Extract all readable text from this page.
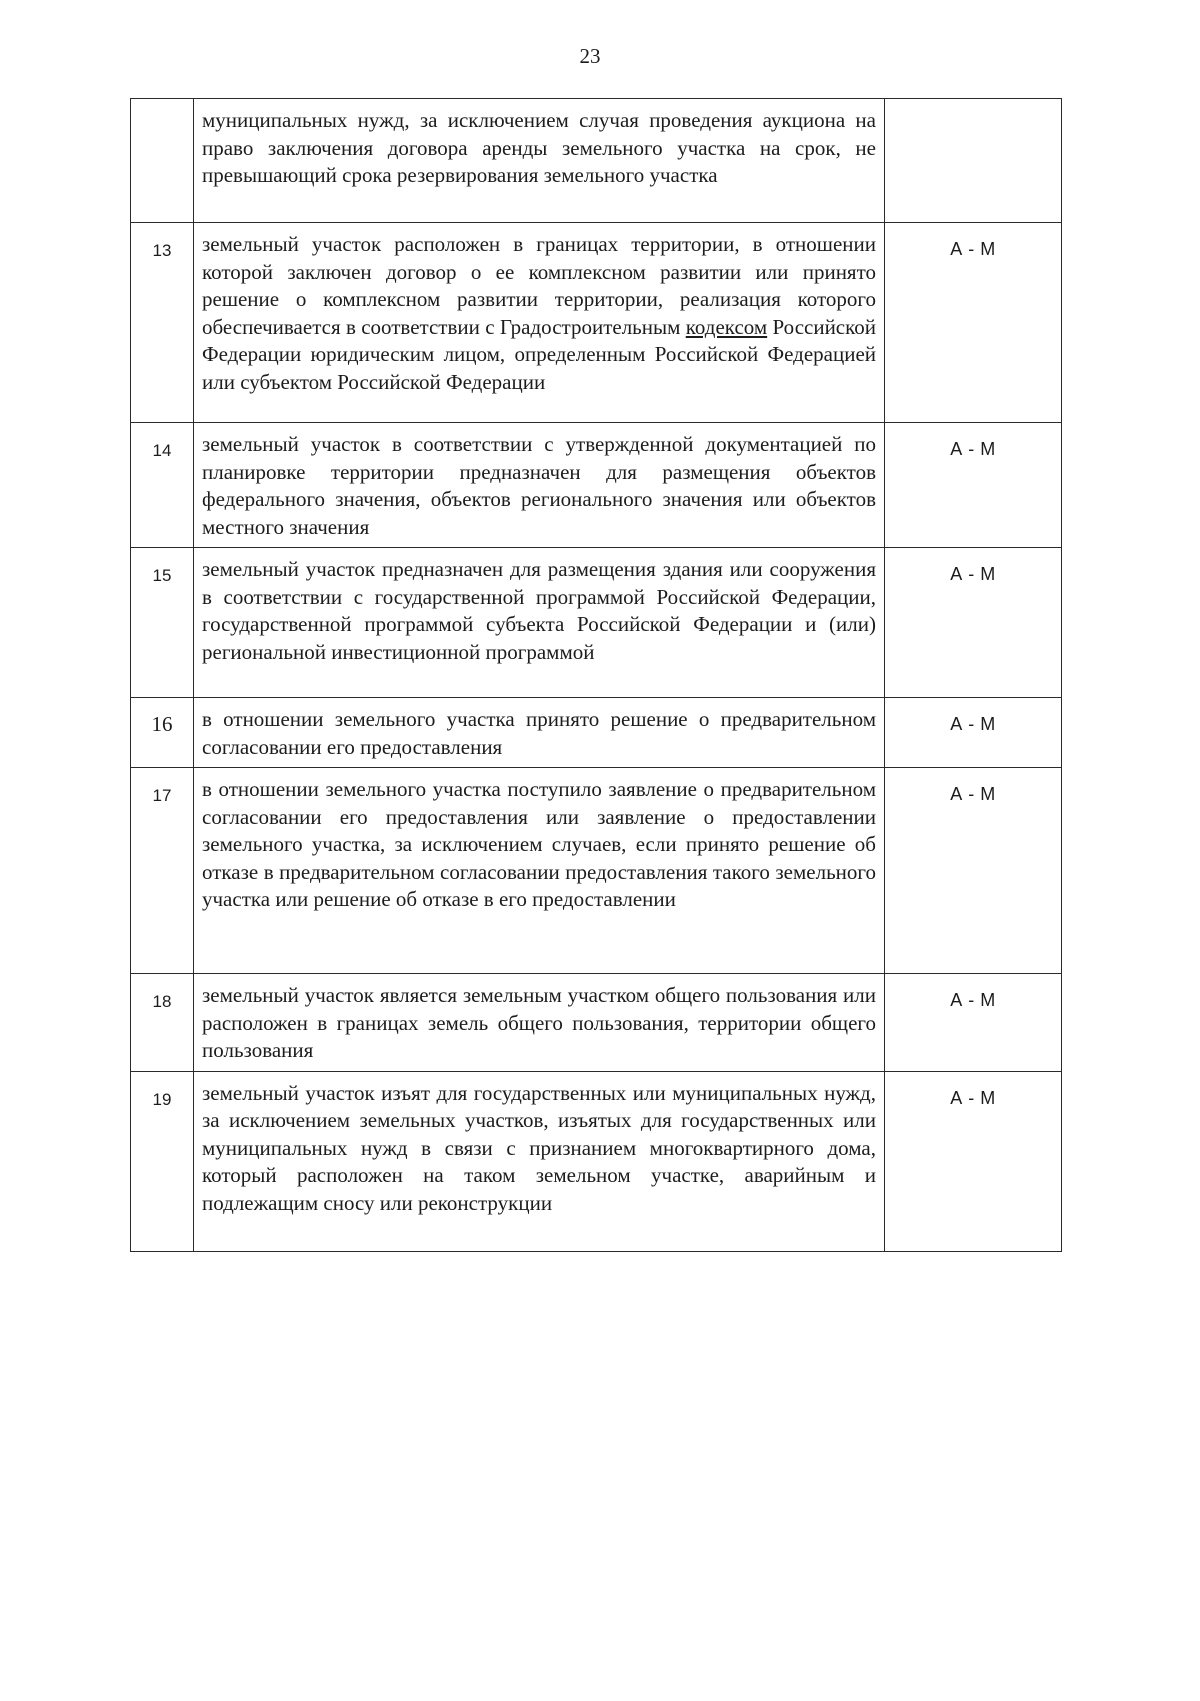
23
	муниципальных нужд, за исключением случая проведения аукциона на право заключения договора аренды земельного участка на срок, не превышающий срока резервирования земельного участка	
13	земельный участок расположен в границах территории, в отношении которой заключен договор о ее комплексном развитии или принято решение о комплексном развитии территории, реализация которого обеспечивается в соответствии с Градостроительным кодексом Российской Федерации юридическим лицом, определенным Российской Федерацией или субъектом Российской Федерации	А - М
14	земельный участок в соответствии с утвержденной документацией по планировке территории предназначен для размещения объектов федерального значения, объектов регионального значения или объектов местного значения	А - М
15	земельный участок предназначен для размещения здания или сооружения в соответствии с государственной программой Российской Федерации, государственной программой субъекта Российской Федерации и (или) региональной инвестиционной программой	А - М
16	в отношении земельного участка принято решение о предварительном согласовании его предоставления	А - М
17	в отношении земельного участка поступило заявление о предварительном согласовании его предоставления или заявление о предоставлении земельного участка, за исключением случаев, если принято решение об отказе в предварительном согласовании предоставления такого земельного участка или решение об отказе в его предоставлении	А - М
18	земельный участок является земельным участком общего пользования или расположен в границах земель общего пользования, территории общего пользования	А - М
19	земельный участок изъят для государственных или муниципальных нужд, за исключением земельных участков, изъятых для государственных или муниципальных нужд в связи с признанием многоквартирного дома, который расположен на таком земельном участке, аварийным и подлежащим сносу или реконструкции	А - М
